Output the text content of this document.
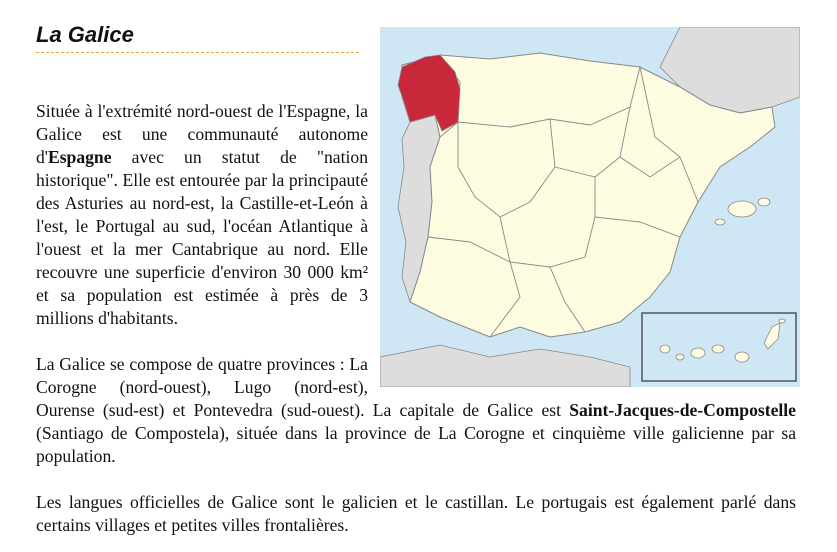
La Galice

Située à l'extrémité nord-ouest de l'Espagne, la Galice est une communauté autonome d'Espagne avec un statut de "nation historique". Elle est entourée par la principauté des Asturies au nord-est, la Castille-et-León à l'est, le Portugal au sud, l'océan Atlantique à l'ouest et la mer Cantabrique au nord. Elle recouvre une superficie d'environ 30 000 km² et sa population est estimée à près de 3 millions d'habitants.

La Galice se compose de quatre provinces : La Corogne (nord-ouest), Lugo (nord-est), Ourense (sud-est) et Pontevedra (sud-ouest). La capitale de Galice est Saint-Jacques-de-Compostelle (Santiago de Compostela), située dans la province de La Corogne et cinquième ville galicienne par sa population.

Les langues officielles de Galice sont le galicien et le castillan. Le portugais est également parlé dans certains villages et petites villes frontalières.
